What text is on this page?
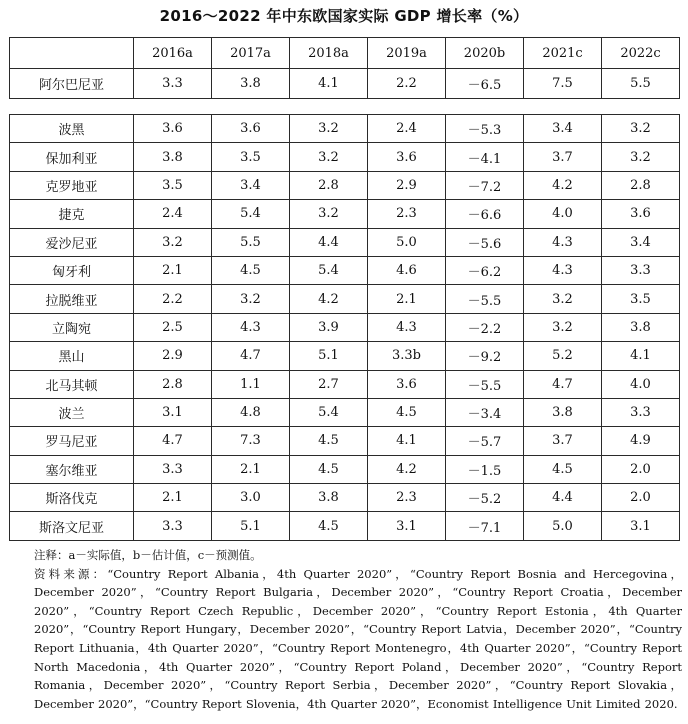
2016～2022 年中东欧国家实际 GDP 增长率（%）
	2016a	2017a	2018a	2019a	2020b	2021c	2022c
阿尔巴尼亚	3.3	3.8	4.1	2.2	－6.5	7.5	5.5
波黑	3.6	3.6	3.2	2.4	－5.3	3.4	3.2
保加利亚	3.8	3.5	3.2	3.6	－4.1	3.7	3.2
克罗地亚	3.5	3.4	2.8	2.9	－7.2	4.2	2.8
捷克	2.4	5.4	3.2	2.3	－6.6	4.0	3.6
爱沙尼亚	3.2	5.5	4.4	5.0	－5.6	4.3	3.4
匈牙利	2.1	4.5	5.4	4.6	－6.2	4.3	3.3
拉脱维亚	2.2	3.2	4.2	2.1	－5.5	3.2	3.5
立陶宛	2.5	4.3	3.9	4.3	－2.2	3.2	3.8
黑山	2.9	4.7	5.1	3.3b	－9.2	5.2	4.1
北马其顿	2.8	1.1	2.7	3.6	－5.5	4.7	4.0
波兰	3.1	4.8	5.4	4.5	－3.4	3.8	3.3
罗马尼亚	4.7	7.3	4.5	4.1	－5.7	3.7	4.9
塞尔维亚	3.3	2.1	4.5	4.2	－1.5	4.5	2.0
斯洛伐克	2.1	3.0	3.8	2.3	－5.2	4.4	2.0
斯洛文尼亚	3.3	5.1	4.5	3.1	－7.1	5.0	3.1

注释：a－实际值，b－估计值，c－预测值。

资料来源：“Country Report Albania，4th Quarter 2020”，“Country Report Bosnia and Hercegovina，December 2020”，“Country Report Bulgaria，December 2020”，“Country Report Croatia，December 2020”，“Country Report Czech Republic，December 2020”，“Country Report Estonia，4th Quarter 2020”，“Country Report Hungary，December 2020”，“Country Report Latvia，December 2020”，“Country Report Lithuania，4th Quarter 2020”，“Country Report Montenegro，4th Quarter 2020”，“Country Report North Macedonia，4th Quarter 2020”，“Country Report Poland，December 2020”，“Country Report Romania，December 2020”，“Country Report Serbia，December 2020”，“Country Report Slovakia，December 2020”，“Country Report Slovenia，4th Quarter 2020”，Economist Intelligence Unit Limited 2020.
